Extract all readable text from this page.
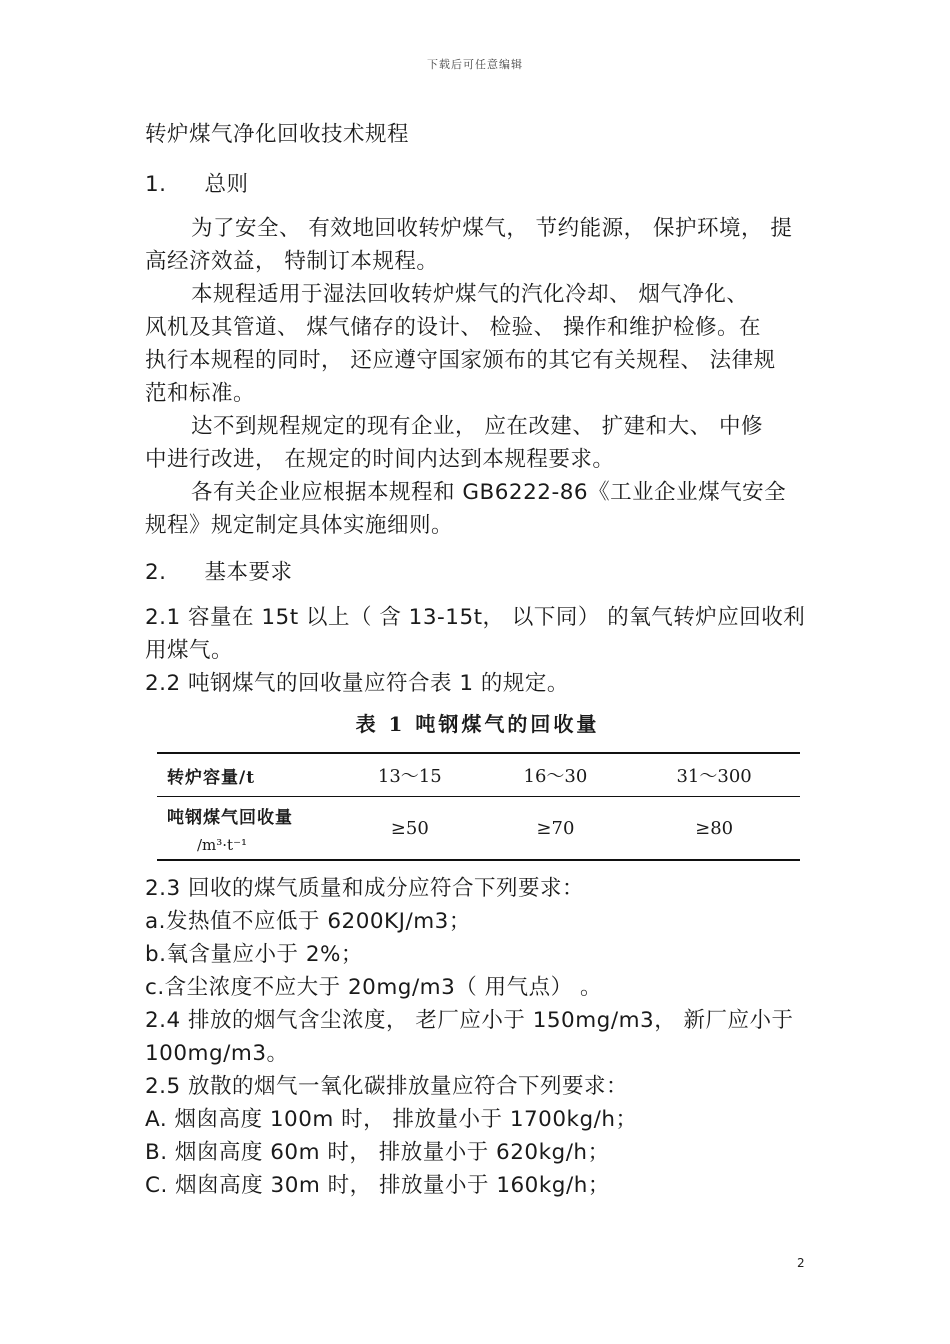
下载后可任意编辑
转炉煤气净化回收技术规程
1. 总则
为了安全、 有效地回收转炉煤气， 节约能源， 保护环境， 提
高经济效益， 特制订本规程。
本规程适用于湿法回收转炉煤气的汽化冷却、 烟气净化、
风机及其管道、 煤气储存的设计、 检验、 操作和维护检修。在
执行本规程的同时， 还应遵守国家颁布的其它有关规程、 法律规
范和标准。
达不到规程规定的现有企业， 应在改建、 扩建和大、 中修
中进行改进， 在规定的时间内达到本规程要求。
各有关企业应根据本规程和 GB6222-86《工业企业煤气安全
规程》规定制定具体实施细则。
2. 基本要求
2.1 容量在 15t 以上（ 含 13-15t， 以下同） 的氧气转炉应回收利
用煤气。
2.2 吨钢煤气的回收量应符合表 1 的规定。
表 1 吨钢煤气的回收量
转炉容量/t	13～15	16～30	31～300

吨钢煤气回收量
/m³·t⁻¹	≥50	≥70	≥80
2.3 回收的煤气质量和成分应符合下列要求：
a.发热值不应低于 6200KJ/m3；
b.氧含量应小于 2%；
c.含尘浓度不应大于 20mg/m3（ 用气点） 。
2.4 排放的烟气含尘浓度， 老厂应小于 150mg/m3， 新厂应小于
100mg/m3。
2.5 放散的烟气一氧化碳排放量应符合下列要求：
A. 烟囱高度 100m 时， 排放量小于 1700kg/h；
B. 烟囱高度 60m 时， 排放量小于 620kg/h；
C. 烟囱高度 30m 时， 排放量小于 160kg/h；
2
